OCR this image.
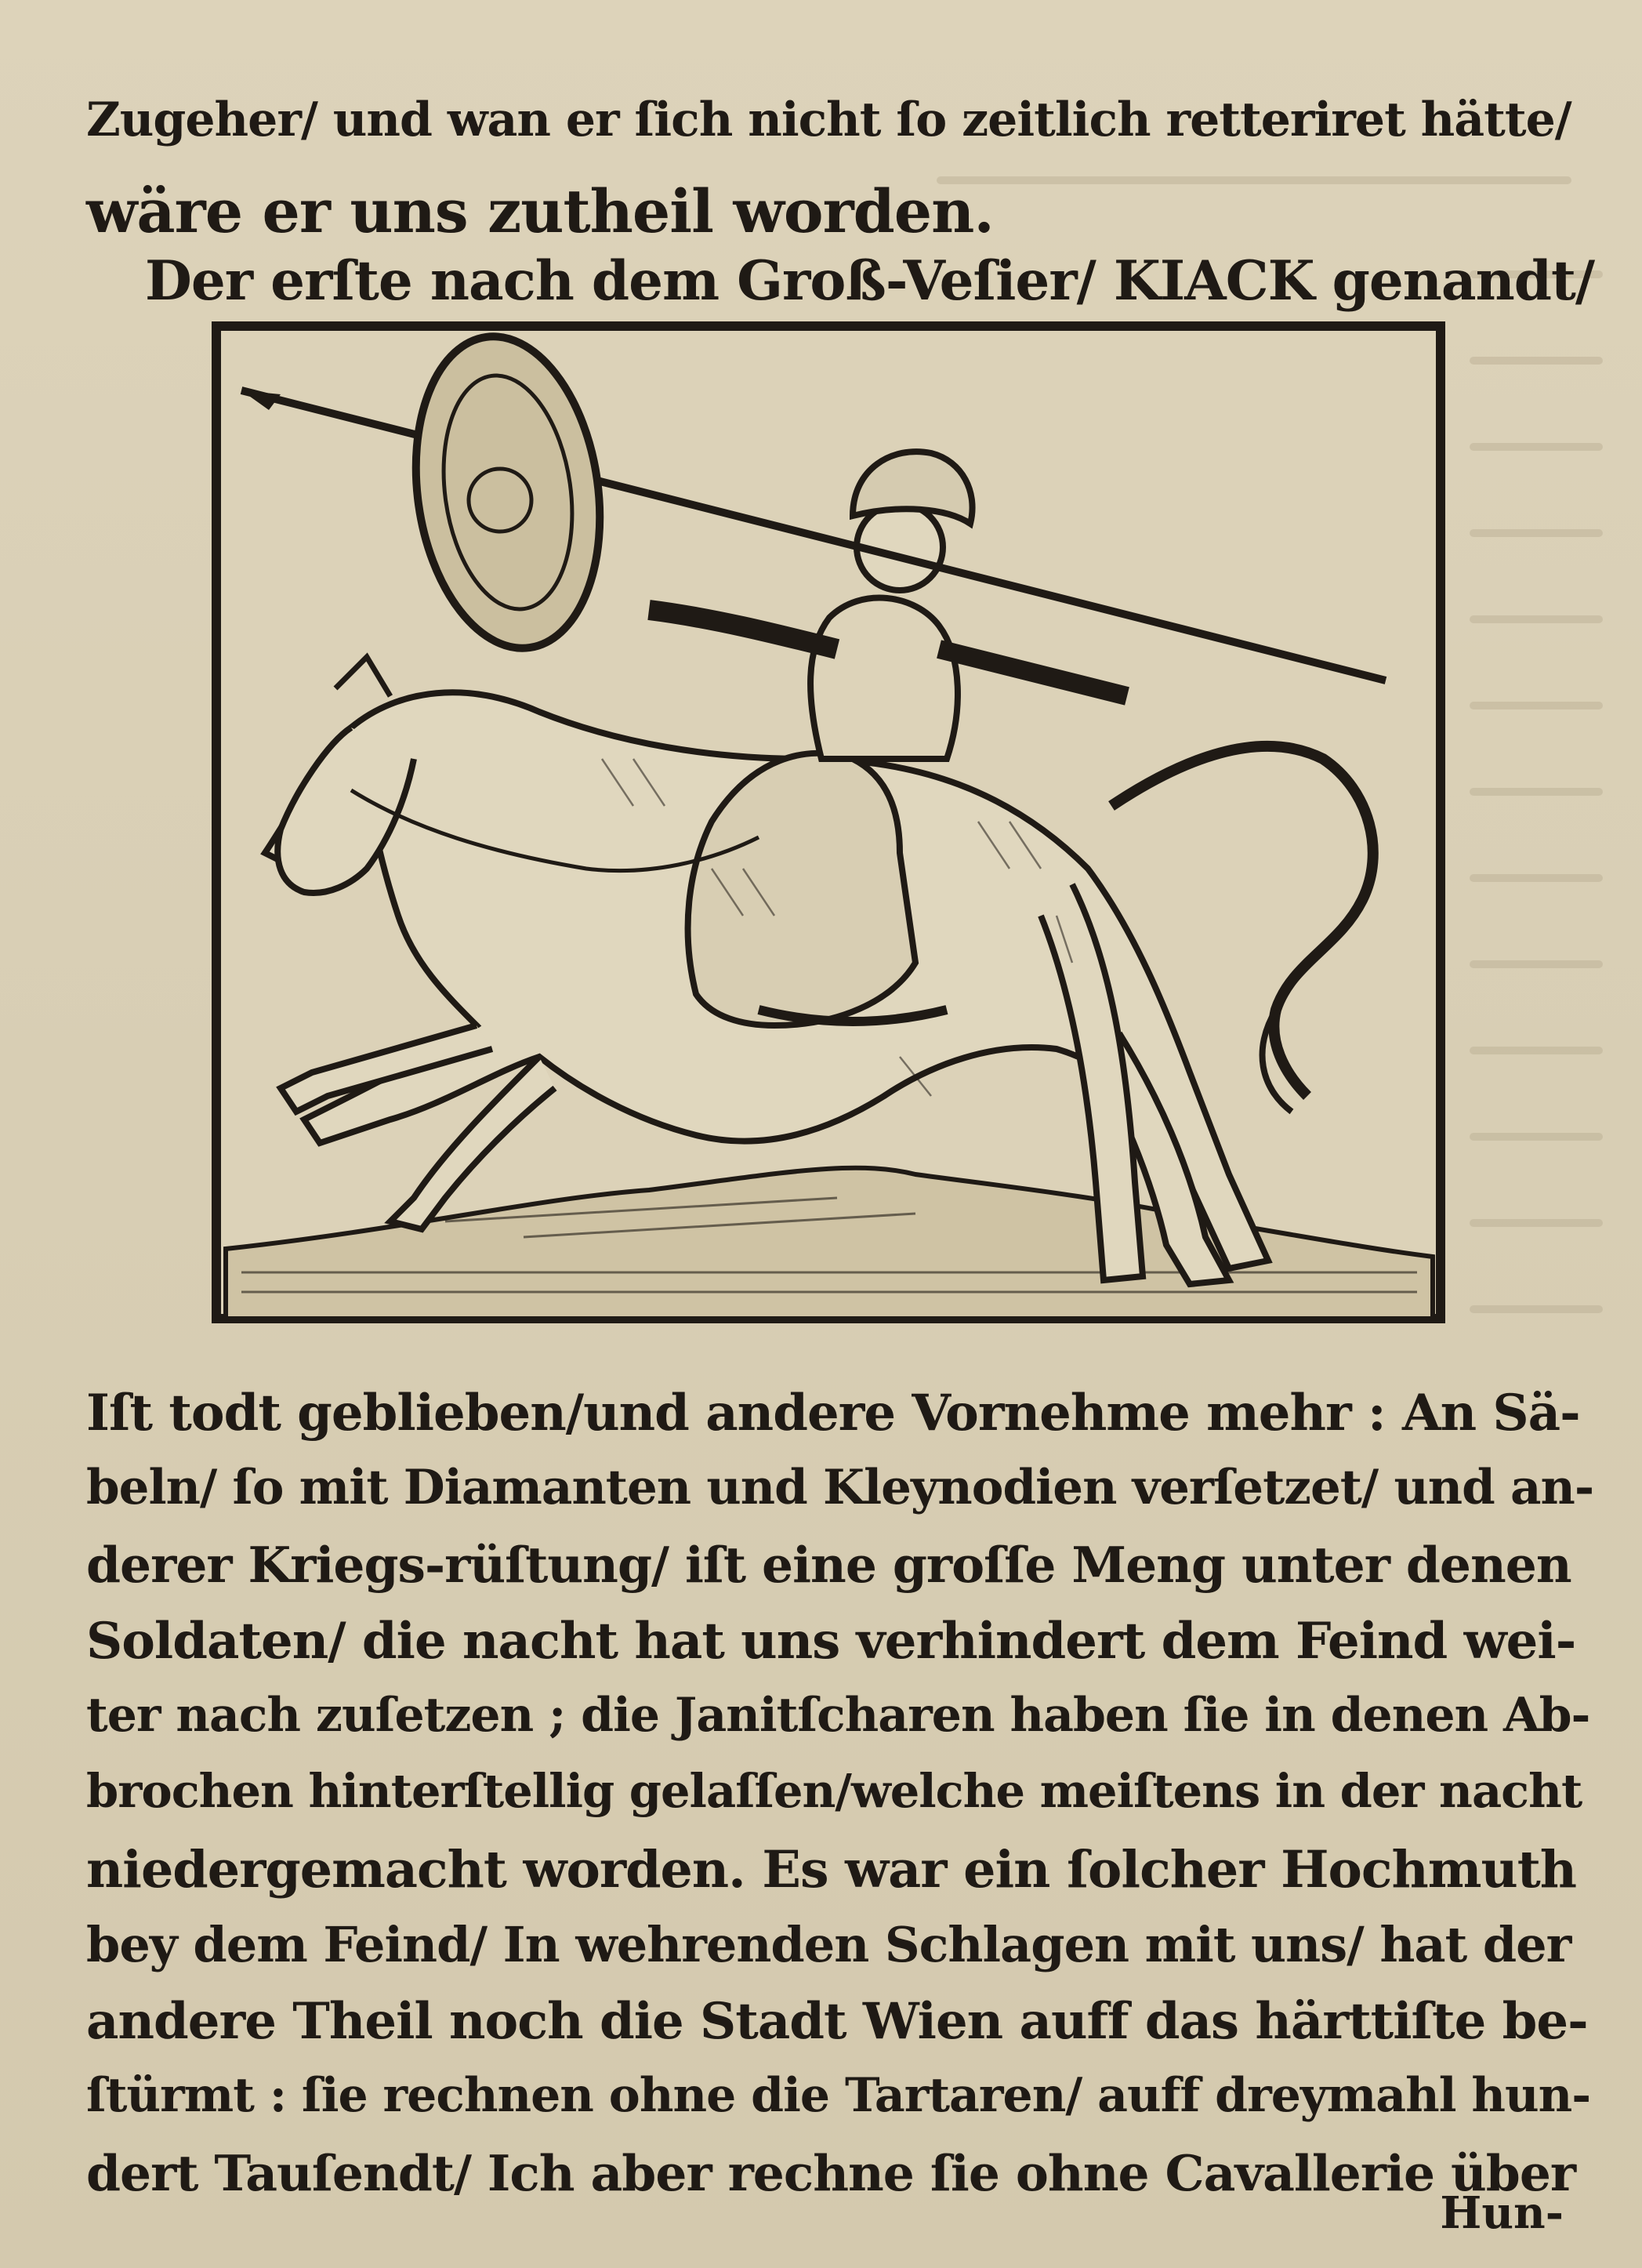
Zugeher/ und wan er ſich nicht ſo zeitlich retteriret hätte/
wäre er uns zutheil worden.
Der erſte nach dem Groß-Veſier/ KIACK genandt/
Iſt todt geblieben/und andere Vornehme mehr : An Sä-
beln/ ſo mit Diamanten und Kleynodien verſetzet/ und an-
derer Kriegs-rüſtung/ iſt eine groſſe Meng unter denen
Soldaten/ die nacht hat uns verhindert dem Feind wei-
ter nach zuſetzen ; die Janitſcharen haben ſie in denen Ab-
brochen hinterſtellig gelaſſen/welche meiſtens in der nacht
niedergemacht worden. Es war ein ſolcher Hochmuth
bey dem Feind/ In wehrenden Schlagen mit uns/ hat der
andere Theil noch die Stadt Wien auff das härttiſte be-
ſtürmt : ſie rechnen ohne die Tartaren/ auff dreymahl hun-
dert Tauſendt/ Ich aber rechne ſie ohne Cavallerie über
Hun-
